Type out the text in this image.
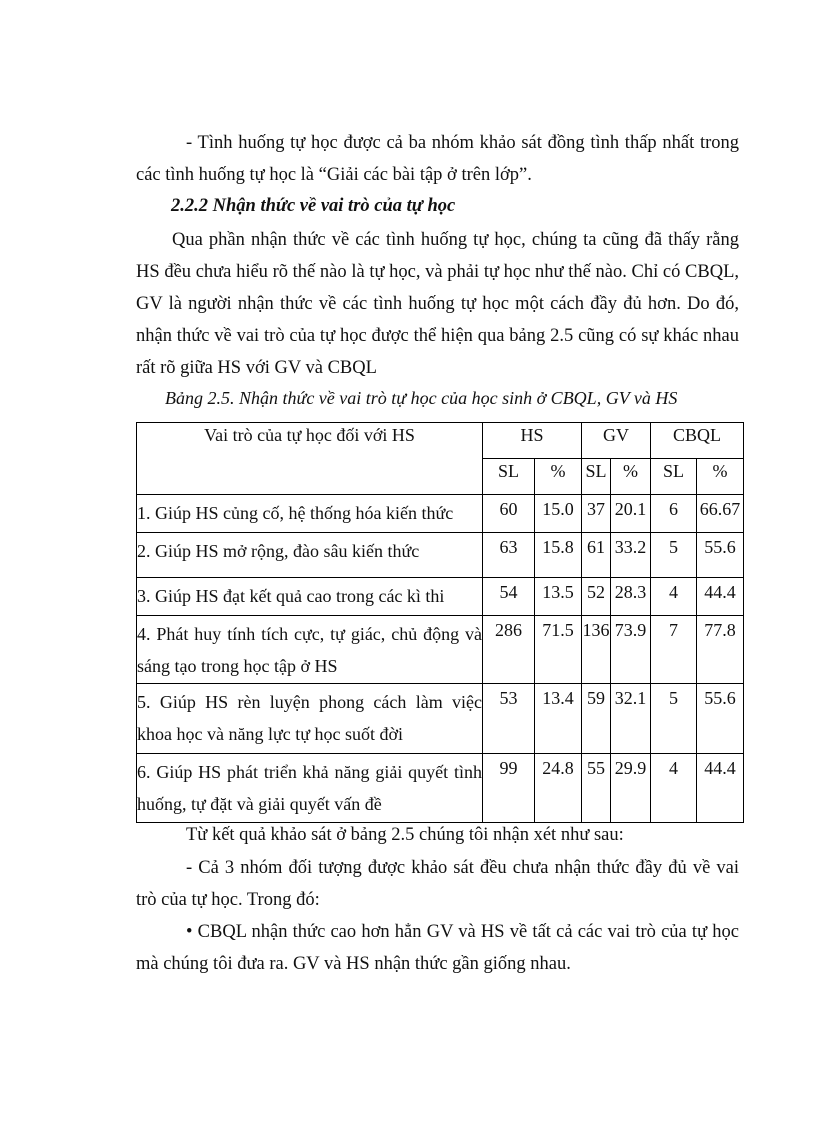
- Tình huống tự học được cả ba nhóm khảo sát đồng tình thấp nhất trong các tình huống tự học là “Giải các bài tập ở trên lớp”.

2.2.2 Nhận thức về vai trò của tự học

Qua phần nhận thức về các tình huống tự học, chúng ta cũng đã thấy rằng HS đều chưa hiểu rõ thế nào là tự học, và phải tự học như thế nào. Chỉ có CBQL, GV là người nhận thức về các tình huống tự học một cách đầy đủ hơn. Do đó, nhận thức về vai trò của tự học được thể hiện qua bảng 2.5 cũng có sự khác nhau rất rõ giữa HS với GV và CBQL

Bảng 2.5. Nhận thức về vai trò tự học của học sinh ở CBQL, GV và HS
Vai trò của tự học đối với HS	HS		GV		CBQL	
	SL	%	SL	%	SL	%
1. Giúp HS củng cố, hệ thống hóa kiến thức	60	15.0	37	20.1	6	66.67
2. Giúp HS mở rộng, đào sâu kiến thức	63	15.8	61	33.2	5	55.6
3. Giúp HS đạt kết quả cao trong các kì thi	54	13.5	52	28.3	4	44.4
4. Phát huy tính tích cực, tự giác, chủ động và sáng tạo trong học tập ở HS	286	71.5	136	73.9	7	77.8
5. Giúp HS rèn luyện phong cách làm việc khoa học và năng lực tự học suốt đời	53	13.4	59	32.1	5	55.6
6. Giúp HS phát triển khả năng giải quyết tình huống, tự đặt và giải quyết vấn đề	99	24.8	55	29.9	4	44.4

Từ kết quả khảo sát ở bảng 2.5 chúng tôi nhận xét như sau:

- Cả 3 nhóm đối tượng được khảo sát đều chưa nhận thức đầy đủ về vai trò của tự học. Trong đó:

• CBQL nhận thức cao hơn hẳn GV và HS về tất cả các vai trò của tự học mà chúng tôi đưa ra. GV và HS nhận thức gần giống nhau.
